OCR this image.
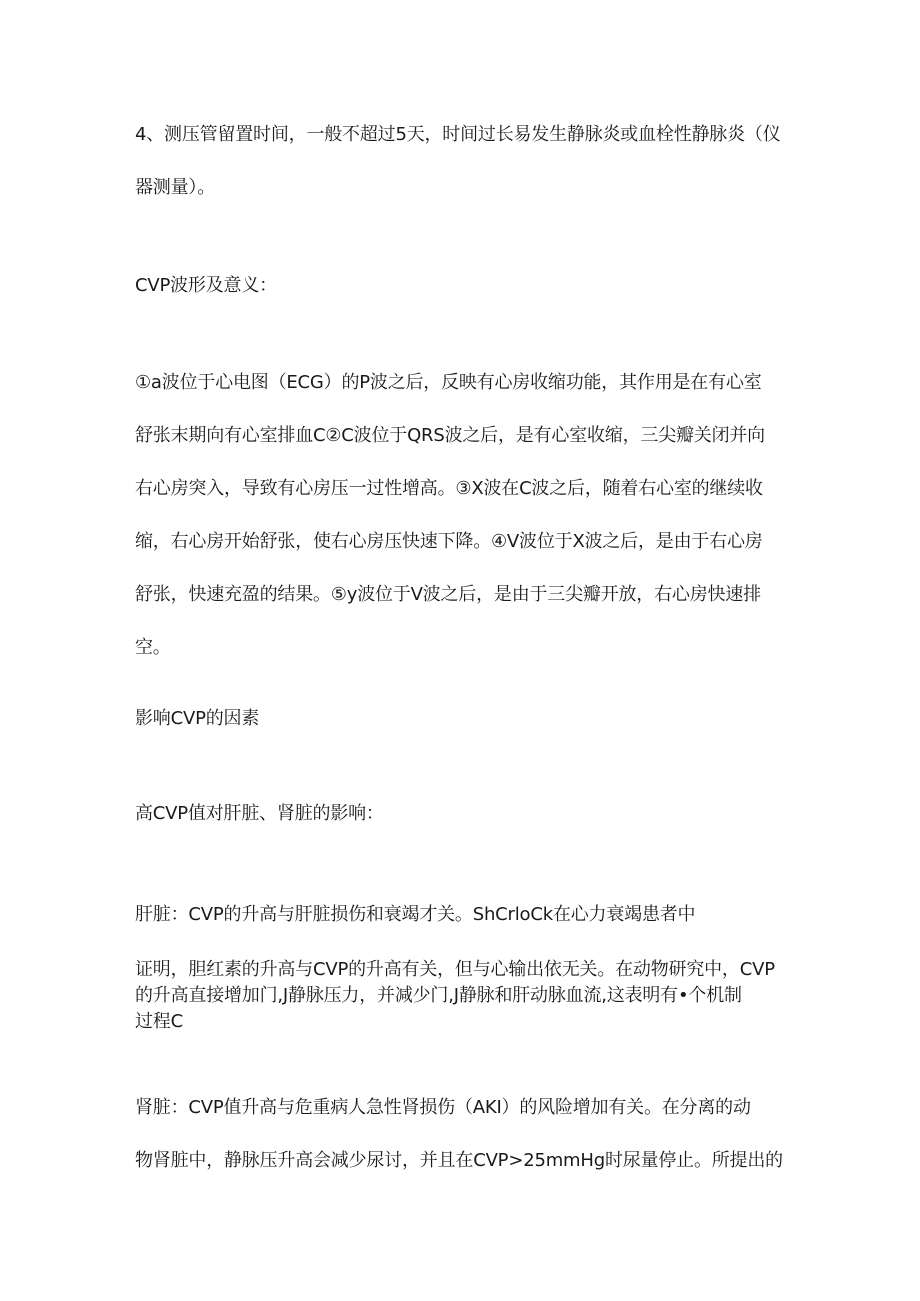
4、测压管留置时间，一般不超过5天，时间过长易发生静脉炎或血栓性静脉炎（仪
器测量）。

CVP波形及意义：

①a波位于心电图（ECG）的P波之后，反映有心房收缩功能，其作用是在有心室
舒张末期向有心室排血C②C波位于QRS波之后，是有心室收缩，三尖瓣关闭并向
右心房突入，导致有心房压一过性增高。③X波在C波之后，随着右心室的继续收
缩，右心房开始舒张，使右心房压快速下降。④V波位于X波之后，是由于右心房
舒张，快速充盈的结果。⑤y波位于V波之后，是由于三尖瓣开放，右心房快速排
空。

影响CVP的因素

高CVP值对肝脏、肾脏的影响：

肝脏：CVP的升高与肝脏损伤和衰竭才关。ShCrloCk在心力衰竭患者中

证明，胆红素的升高与CVP的升高有关，但与心输出依无关。在动物研究中，CVP
的升高直接增加门,J静脉压力，并减少门,J静脉和肝动脉血流,这表明有•个机制
过程C

肾脏：CVP值升高与危重病人急性肾损伤（AKI）的风险增加有关。在分离的动
物肾脏中，静脉压升高会减少尿讨，并且在CVP>25mmHg时尿量停止。所提出的
